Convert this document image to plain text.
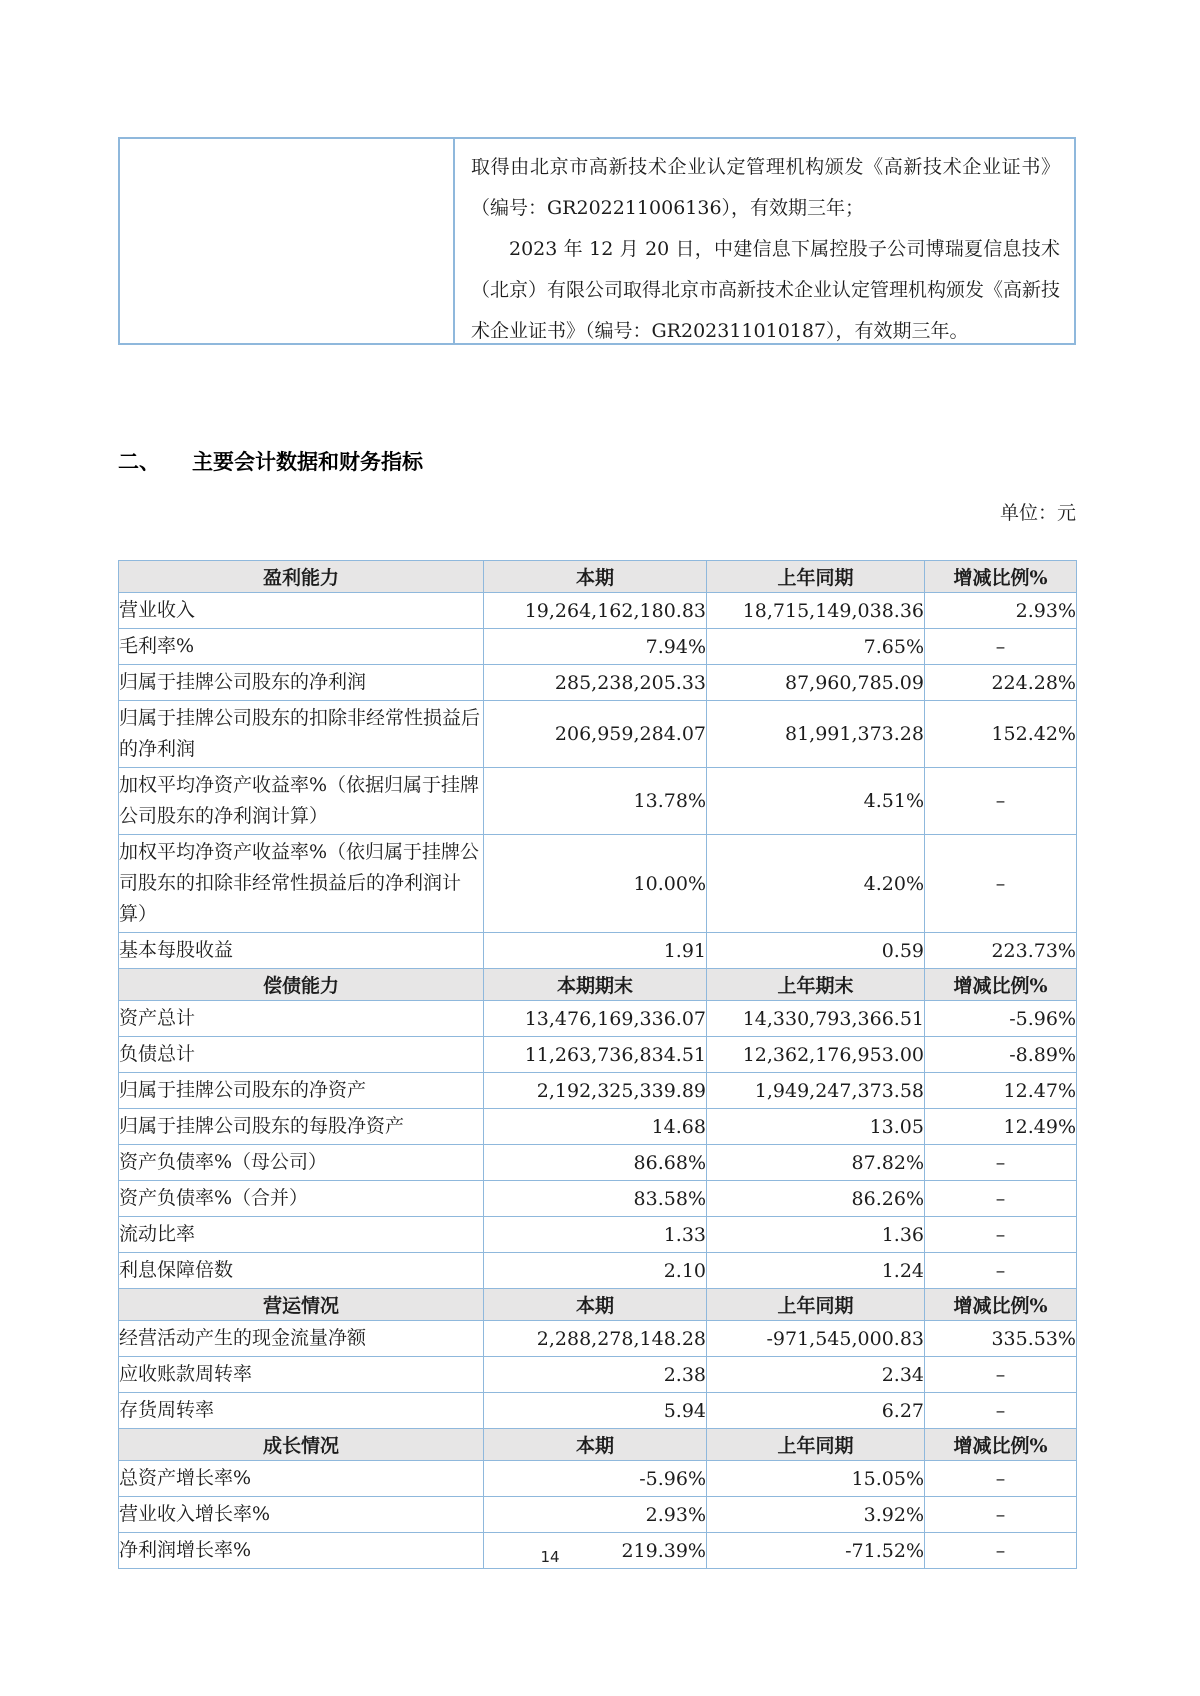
取得由北京市高新技术企业认定管理机构颁发《高新技术企业证书》（编号：GR202211006136），有效期三年；

2023 年 12 月 20 日，中建信息下属控股子公司博瑞夏信息技术（北京）有限公司取得北京市高新技术企业认定管理机构颁发《高新技术企业证书》（编号：GR202311010187），有效期三年。

二、 主要会计数据和财务指标
单位：元
盈利能力	本期	上年同期	增减比例%
营业收入	19,264,162,180.83	18,715,149,038.36	2.93%
毛利率%	7.94%	7.65%	–
归属于挂牌公司股东的净利润	285,238,205.33	87,960,785.09	224.28%
归属于挂牌公司股东的扣除非经常性损益后的净利润	206,959,284.07	81,991,373.28	152.42%
加权平均净资产收益率%（依据归属于挂牌公司股东的净利润计算）	13.78%	4.51%	–
加权平均净资产收益率%（依归属于挂牌公司股东的扣除非经常性损益后的净利润计算）	10.00%	4.20%	–
基本每股收益	1.91	0.59	223.73%
偿债能力	本期期末	上年期末	增减比例%
资产总计	13,476,169,336.07	14,330,793,366.51	-5.96%
负债总计	11,263,736,834.51	12,362,176,953.00	-8.89%
归属于挂牌公司股东的净资产	2,192,325,339.89	1,949,247,373.58	12.47%
归属于挂牌公司股东的每股净资产	14.68	13.05	12.49%
资产负债率%（母公司）	86.68%	87.82%	–
资产负债率%（合并）	83.58%	86.26%	–
流动比率	1.33	1.36	–
利息保障倍数	2.10	1.24	–
营运情况	本期	上年同期	增减比例%
经营活动产生的现金流量净额	2,288,278,148.28	-971,545,000.83	335.53%
应收账款周转率	2.38	2.34	–
存货周转率	5.94	6.27	–
成长情况	本期	上年同期	增减比例%
总资产增长率%	-5.96%	15.05%	–
营业收入增长率%	2.93%	3.92%	–
净利润增长率%	219.39%	-71.52%	–
14
